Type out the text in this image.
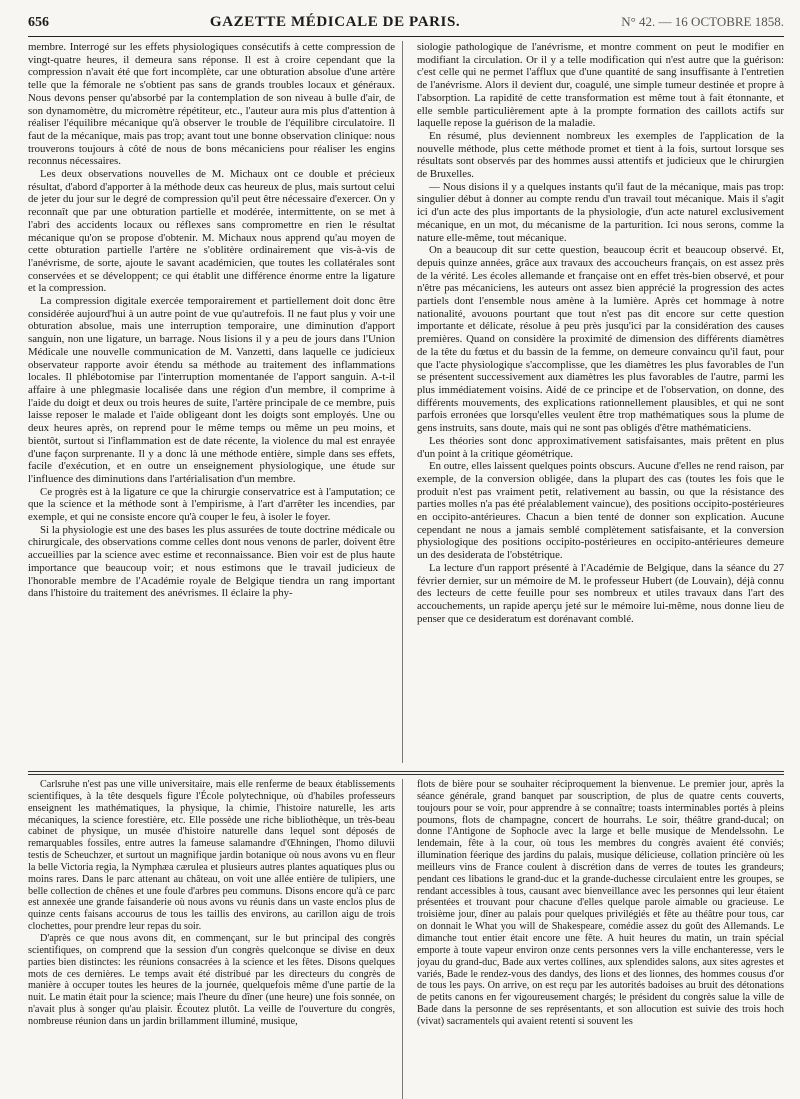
656	GAZETTE MÉDICALE DE PARIS.	N° 42. — 16 OCTOBRE 1858.

membre. Interrogé sur les effets physiologiques consécutifs à cette compression de vingt-quatre heures, il demeura sans réponse. Il est à croire cependant que la compression n'avait été que fort incomplète, car une obturation absolue d'une artère telle que la fémorale ne s'obtient pas sans de grands troubles locaux et généraux. Nous devons penser qu'absorbé par la contemplation de son niveau à bulle d'air, de son dynamomètre, du micromètre répétiteur, etc., l'auteur aura mis plus d'attention à réaliser l'équilibre mécanique qu'à observer le trouble de l'équilibre circulatoire. Il faut de la mécanique, mais pas trop; avant tout une bonne observation clinique: nous trouverons toujours à côté de nous de bons mécaniciens pour réaliser les engins reconnus nécessaires.

Les deux observations nouvelles de M. Michaux ont ce double et précieux résultat, d'abord d'apporter à la méthode deux cas heureux de plus, mais surtout celui de jeter du jour sur le degré de compression qu'il peut être nécessaire d'exercer. On y reconnaît que par une obturation partielle et modérée, intermittente, on se met à l'abri des accidents locaux ou réflexes sans compromettre en rien le résultat mécanique qu'on se propose d'obtenir. M. Michaux nous apprend qu'au moyen de cette obturation partielle l'artère ne s'oblitère ordinairement que vis-à-vis de l'anévrisme, de sorte, ajoute le savant académicien, que toutes les collatérales sont conservées et se développent; ce qui établit une différence énorme entre la ligature et la compression.

La compression digitale exercée temporairement et partiellement doit donc être considérée aujourd'hui à un autre point de vue qu'autrefois. Il ne faut plus y voir une obturation absolue, mais une interruption temporaire, une diminution d'apport sanguin, non une ligature, un barrage. Nous lisions il y a peu de jours dans l'Union Médicale une nouvelle communication de M. Vanzetti, dans laquelle ce judicieux observateur rapporte avoir étendu sa méthode au traitement des inflammations locales. Il phlébotomise par l'interruption momentanée de l'apport sanguin. A-t-il affaire à une phlegmasie localisée dans une région d'un membre, il comprime à l'aide du doigt et deux ou trois heures de suite, l'artère principale de ce membre, puis laisse reposer le malade et l'aide obligeant dont les doigts sont employés. Une ou deux heures après, on reprend pour le même temps ou même un peu moins, et bientôt, surtout si l'inflammation est de date récente, la violence du mal est enrayée d'une façon surprenante. Il y a donc là une méthode entière, simple dans ses effets, facile d'exécution, et en outre un enseignement physiologique, une étude sur l'influence des diminutions dans l'artérialisation d'un membre.

Ce progrès est à la ligature ce que la chirurgie conservatrice est à l'amputation; ce que la science et la méthode sont à l'empirisme, à l'art d'arrêter les incendies, par exemple, et qui ne consiste encore qu'à couper le feu, à isoler le foyer.

Si la physiologie est une des bases les plus assurées de toute doctrine médicale ou chirurgicale, des observations comme celles dont nous venons de parler, doivent être accueillies par la science avec estime et reconnaissance. Bien voir est de plus haute importance que beaucoup voir; et nous estimons que le travail judicieux de l'honorable membre de l'Académie royale de Belgique tiendra un rang important dans l'histoire du traitement des anévrismes. Il éclaire la phy-

siologie pathologique de l'anévrisme, et montre comment on peut le modifier en modifiant la circulation. Or il y a telle modification qui n'est autre que la guérison: c'est celle qui ne permet l'afflux que d'une quantité de sang insuffisante à l'entretien de l'anévrisme. Alors il devient dur, coagulé, une simple tumeur destinée et propre à l'absorption. La rapidité de cette transformation est même tout à fait étonnante, et elle semble particulièrement apte à la prompte formation des caillots actifs sur laquelle repose la guérison de la maladie.

En résumé, plus deviennent nombreux les exemples de l'application de la nouvelle méthode, plus cette méthode promet et tient à la fois, surtout lorsque ses résultats sont observés par des hommes aussi attentifs et judicieux que le chirurgien de Bruxelles.

— Nous disions il y a quelques instants qu'il faut de la mécanique, mais pas trop: singulier début à donner au compte rendu d'un travail tout mécanique. Mais il s'agit ici d'un acte des plus importants de la physiologie, d'un acte naturel exclusivement mécanique, en un mot, du mécanisme de la parturition. Ici nous serons, comme la nature elle-même, tout mécanique.

On a beaucoup dit sur cette question, beaucoup écrit et beaucoup observé. Et, depuis quinze années, grâce aux travaux des accoucheurs français, on est assez près de la vérité. Les écoles allemande et française ont en effet très-bien observé, et pour n'être pas mécaniciens, les auteurs ont assez bien apprécié la progression des actes partiels dont l'ensemble nous amène à la lumière. Après cet hommage à notre nationalité, avouons pourtant que tout n'est pas dit encore sur cette question importante et délicate, résolue à peu près jusqu'ici par la considération des causes premières. Quand on considère la proximité de dimension des différents diamètres de la tête du fœtus et du bassin de la femme, on demeure convaincu qu'il faut, pour que l'acte physiologique s'accomplisse, que les diamètres les plus favorables de l'un se présentent successivement aux diamètres les plus favorables de l'autre, parmi les plus immédiatement voisins. Aidé de ce principe et de l'observation, on donne, des différents mouvements, des explications rationnellement plausibles, et qui ne sont parfois erronées que lorsqu'elles veulent être trop mathématiques sous la plume de gens instruits, sans doute, mais qui ne sont pas obligés d'être mathématiciens.

Les théories sont donc approximativement satisfaisantes, mais prêtent en plus d'un point à la critique géométrique.

En outre, elles laissent quelques points obscurs. Aucune d'elles ne rend raison, par exemple, de la conversion obligée, dans la plupart des cas (toutes les fois que le produit n'est pas vraiment petit, relativement au bassin, ou que la résistance des parties molles n'a pas été préalablement vaincue), des positions occipito-postérieures en occipito-antérieures. Chacun a bien tenté de donner son explication. Aucune cependant ne nous a jamais semblé complètement satisfaisante, et la conversion physiologique des positions occipito-postérieures en occipito-antérieures demeure un des desiderata de l'obstétrique.

La lecture d'un rapport présenté à l'Académie de Belgique, dans la séance du 27 février dernier, sur un mémoire de M. le professeur Hubert (de Louvain), déjà connu des lecteurs de cette feuille pour ses nombreux et utiles travaux dans l'art des accouchements, un rapide aperçu jeté sur le mémoire lui-même, nous donne lieu de penser que ce desideratum est dorénavant comblé.

Carlsruhe n'est pas une ville universitaire, mais elle renferme de beaux établissements scientifiques, à la tête desquels figure l'École polytechnique, où d'habiles professeurs enseignent les mathématiques, la physique, la chimie, l'histoire naturelle, les arts mécaniques, la science forestière, etc. Elle possède une riche bibliothèque, un très-beau cabinet de physique, un musée d'histoire naturelle dans lequel sont déposés de remarquables fossiles, entre autres la fameuse salamandre d'Œhningen, l'homo diluvii testis de Scheuchzer, et surtout un magnifique jardin botanique où nous avons vu en fleur la belle Victoria regia, la Nymphæa cærulea et plusieurs autres plantes aquatiques plus ou moins rares. Dans le parc attenant au château, on voit une allée entière de tulipiers, une belle collection de chênes et une foule d'arbres peu communs. Disons encore qu'à ce parc est annexée une grande faisanderie où nous avons vu réunis dans un vaste enclos plus de quinze cents faisans accourus de tous les taillis des environs, au carillon aigu de trois clochettes, pour prendre leur repas du soir.

D'après ce que nous avons dit, en commençant, sur le but principal des congrès scientifiques, on comprend que la session d'un congrès quelconque se divise en deux parties bien distinctes: les réunions consacrées à la science et les fêtes. Disons quelques mots de ces dernières. Le temps avait été distribué par les directeurs du congrès de manière à occuper toutes les heures de la journée, quelquefois même d'une partie de la nuit. Le matin était pour la science; mais l'heure du dîner (une heure) une fois sonnée, on n'avait plus à songer qu'au plaisir. Écoutez plutôt. La veille de l'ouverture du congrès, nombreuse réunion dans un jardin brillamment illuminé, musique,

flots de bière pour se souhaiter réciproquement la bienvenue. Le premier jour, après la séance générale, grand banquet par souscription, de plus de quatre cents couverts, toujours pour se voir, pour apprendre à se connaître; toasts interminables portés à pleins poumons, flots de champagne, concert de hourrahs. Le soir, théâtre grand-ducal; on donne l'Antigone de Sophocle avec la large et belle musique de Mendelssohn. Le lendemain, fête à la cour, où tous les membres du congrès avaient été conviés; illumination féerique des jardins du palais, musique délicieuse, collation princière où les meilleurs vins de France coulent à discrétion dans de verres de toutes les grandeurs; pendant ces libations le grand-duc et la grande-duchesse circulaient entre les groupes, se rendant accessibles à tous, causant avec bienveillance avec les personnes qui leur étaient présentées et trouvant pour chacune d'elles quelque parole aimable ou gracieuse. Le troisième jour, dîner au palais pour quelques privilégiés et fête au théâtre pour tous, car on donnait le What you will de Shakespeare, comédie assez du goût des Allemands. Le dimanche tout entier était encore une fête. A huit heures du matin, un train spécial emporte à toute vapeur environ onze cents personnes vers la ville enchanteresse, vers le joyau du grand-duc, Bade aux vertes collines, aux splendides salons, aux sites agrestes et variés, Bade le rendez-vous des dandys, des lions et des lionnes, des hommes cousus d'or de tous les pays. On arrive, on est reçu par les autorités badoises au bruit des détonations de petits canons en fer vigoureusement chargés; le président du congrès salue la ville de Bade dans la personne de ses représentants, et son allocution est suivie des trois hoch (vivat) sacramentels qui avaient retenti si souvent les
